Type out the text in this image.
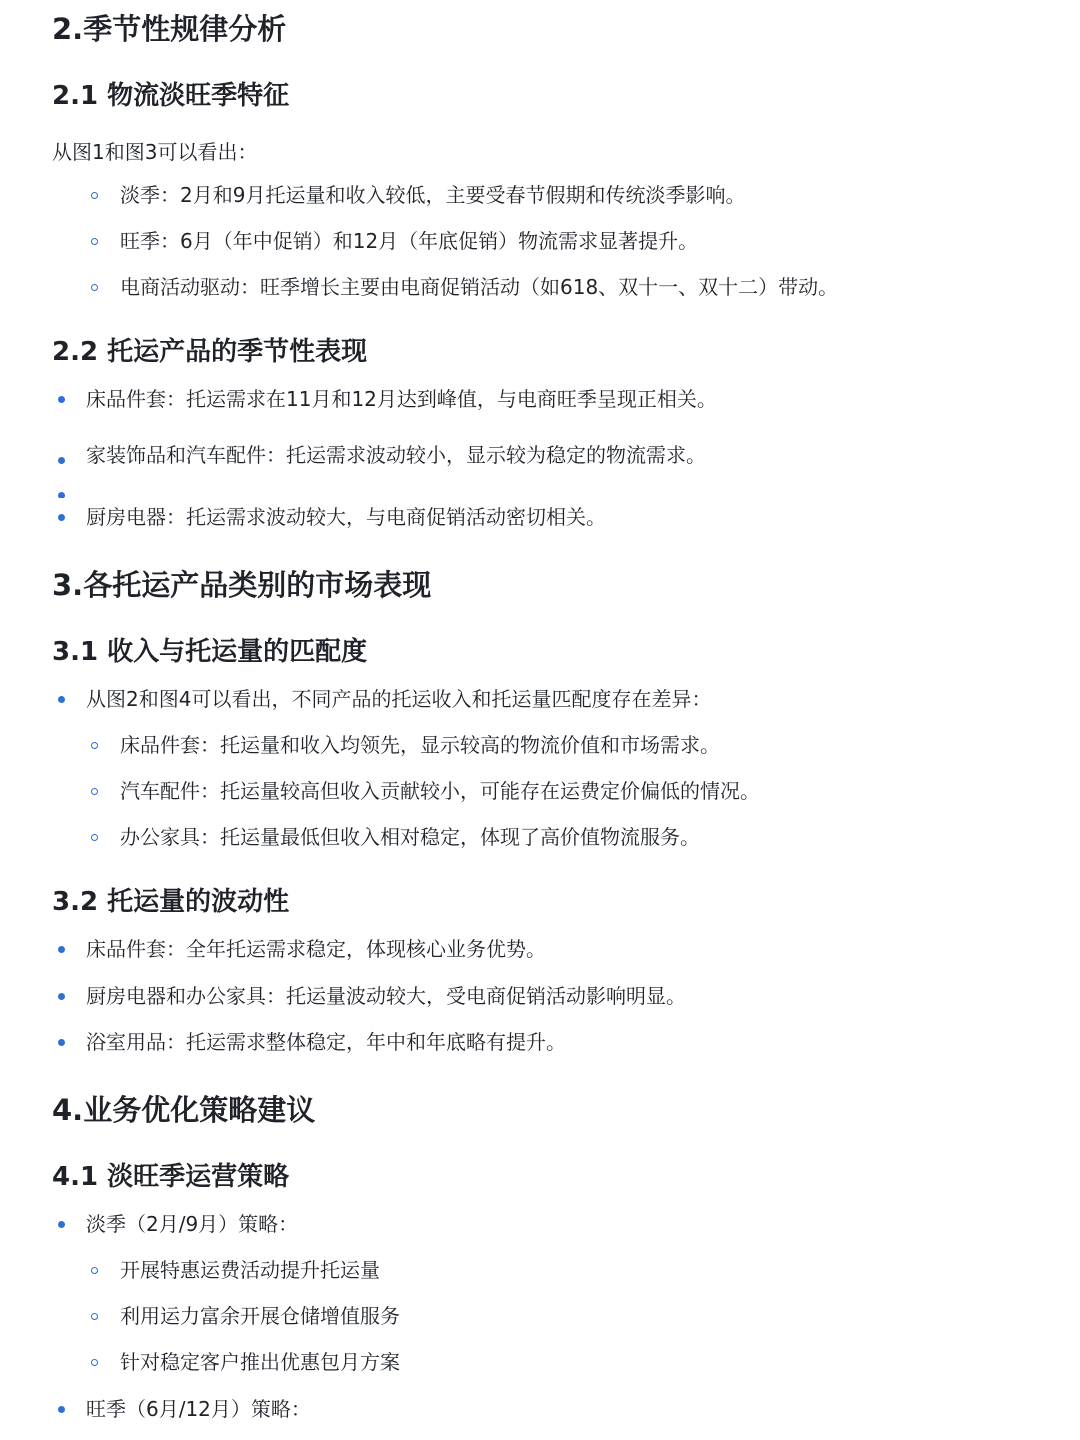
2.季节性规律分析
2.1 物流淡旺季特征
从图1和图3可以看出：
淡季：2月和9月托运量和收入较低，主要受春节假期和传统淡季影响。
旺季：6月（年中促销）和12月（年底促销）物流需求显著提升。
电商活动驱动：旺季增长主要由电商促销活动（如618、双十一、双十二）带动。
2.2 托运产品的季节性表现
床品件套：托运需求在11月和12月达到峰值，与电商旺季呈现正相关。
家装饰品和汽车配件：托运需求波动较小，显示较为稳定的物流需求。
厨房电器：托运需求波动较大，与电商促销活动密切相关。
3.各托运产品类别的市场表现
3.1 收入与托运量的匹配度
从图2和图4可以看出，不同产品的托运收入和托运量匹配度存在差异：
床品件套：托运量和收入均领先，显示较高的物流价值和市场需求。
汽车配件：托运量较高但收入贡献较小，可能存在运费定价偏低的情况。
办公家具：托运量最低但收入相对稳定，体现了高价值物流服务。
3.2 托运量的波动性
床品件套：全年托运需求稳定，体现核心业务优势。
厨房电器和办公家具：托运量波动较大，受电商促销活动影响明显。
浴室用品：托运需求整体稳定，年中和年底略有提升。
4.业务优化策略建议
4.1 淡旺季运营策略
淡季（2月/9月）策略：
开展特惠运费活动提升托运量
利用运力富余开展仓储增值服务
针对稳定客户推出优惠包月方案
旺季（6月/12月）策略：
